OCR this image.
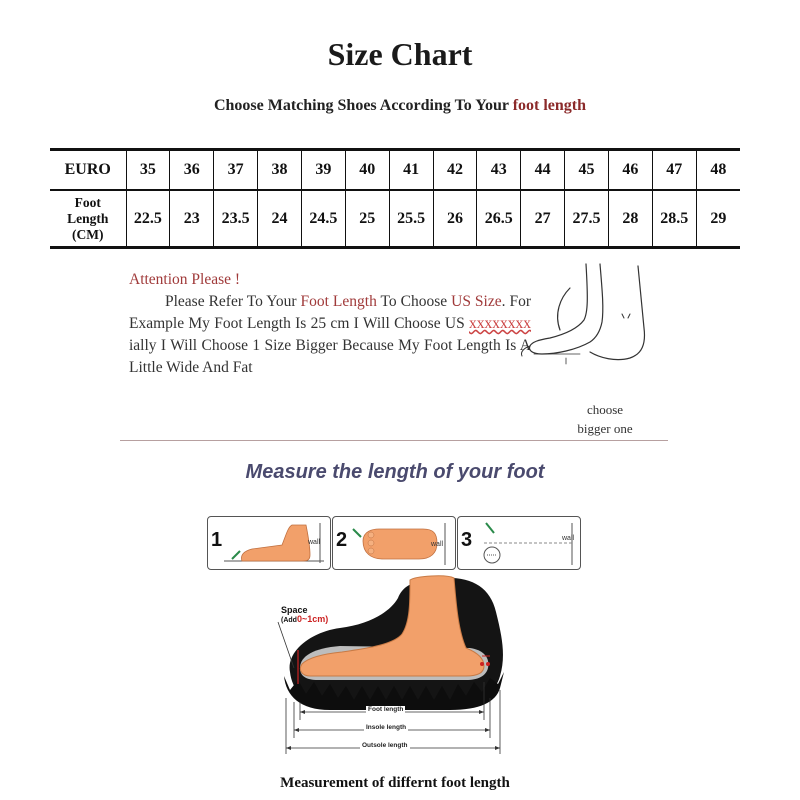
Size Chart
Choose Matching Shoes According To Your foot length
EURO	35	36	37	38	39	40	41	42	43	44	45	46	47	48
Foot
Length
(CM)	22.5	23	23.5	24	24.5	25	25.5	26	26.5	27	27.5	28	28.5	29
Attention Please !
Please Refer To Your Foot Length To Choose US Size. For Example My Foot Length Is 25 cm I Will Choose US xxxxxxxx ially I Will Choose 1 Size Bigger Because My Foot Length Is A Little Wide And Fat
choose
bigger one
Measure the length of your foot
1	wall 2	wall 3	wall
Space
(Add0~1cm)
Foot length
Insole length
Outsole length
Measurement of differnt foot length
